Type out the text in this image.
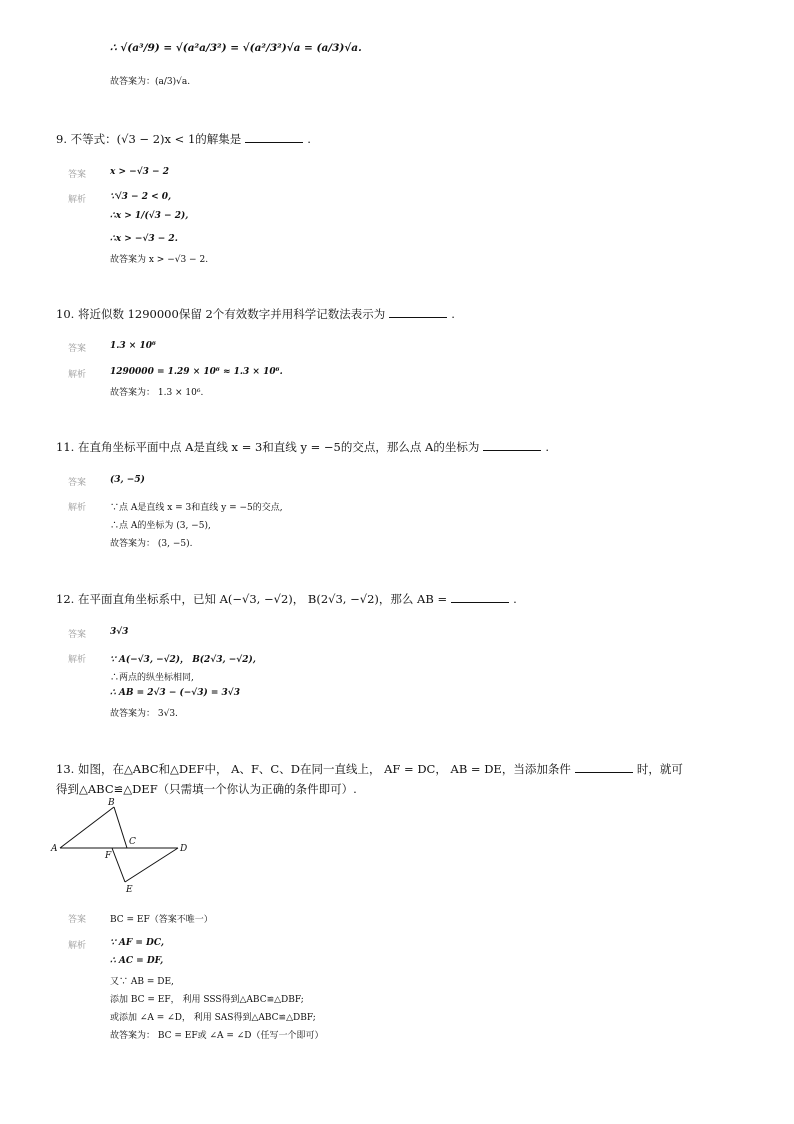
∴ √(a³/9) = √(a²a/3²) = √(a²/3²)√a = (a/3)√a.
故答案为：(a/3)√a.
9. 不等式：(√3 − 2)x < 1的解集是	.
答案	x > −√3 − 2
解析	∵√3 − 2 < 0,
∴x > 1/(√3 − 2),
∴x > −√3 − 2.
故答案为 x > −√3 − 2.
10. 将近似数 1290000保留 2个有效数字并用科学记数法表示为	.
答案	1.3 × 10⁶
解析	1290000 = 1.29 × 10⁶ ≈ 1.3 × 10⁶.
故答案为： 1.3 × 10⁶.
11. 在直角坐标平面中点 A是直线 x = 3和直线 y = −5的交点，那么点 A的坐标为	.
答案	(3, −5)
解析	∵点 A是直线 x = 3和直线 y = −5的交点,
∴点 A的坐标为 (3, −5),
故答案为： (3, −5).
12. 在平面直角坐标系中，已知 A(−√3, −√2)， B(2√3, −√2)，那么 AB =	.
答案	3√3
解析	∵ A(−√3, −√2)， B(2√3, −√2),
∴两点的纵坐标相同,
∴ AB = 2√3 − (−√3) = 3√3
故答案为： 3√3.
13. 如图，在△ABC和△DEF中， A、F、C、D在同一直线上， AF = DC， AB = DE，当添加条件	时，就可
得到△ABC≌△DEF（只需填一个你认为正确的条件即可）.
A
B
C
D
E
F
答案	BC = EF（答案不唯一）
解析	∵ AF = DC,
∴ AC = DF,
又∵ AB = DE,
添加 BC = EF， 利用 SSS得到△ABC≌△DBF;
或添加 ∠A = ∠D， 利用 SAS得到△ABC≌△DBF;
故答案为： BC = EF或 ∠A = ∠D（任写一个即可）
